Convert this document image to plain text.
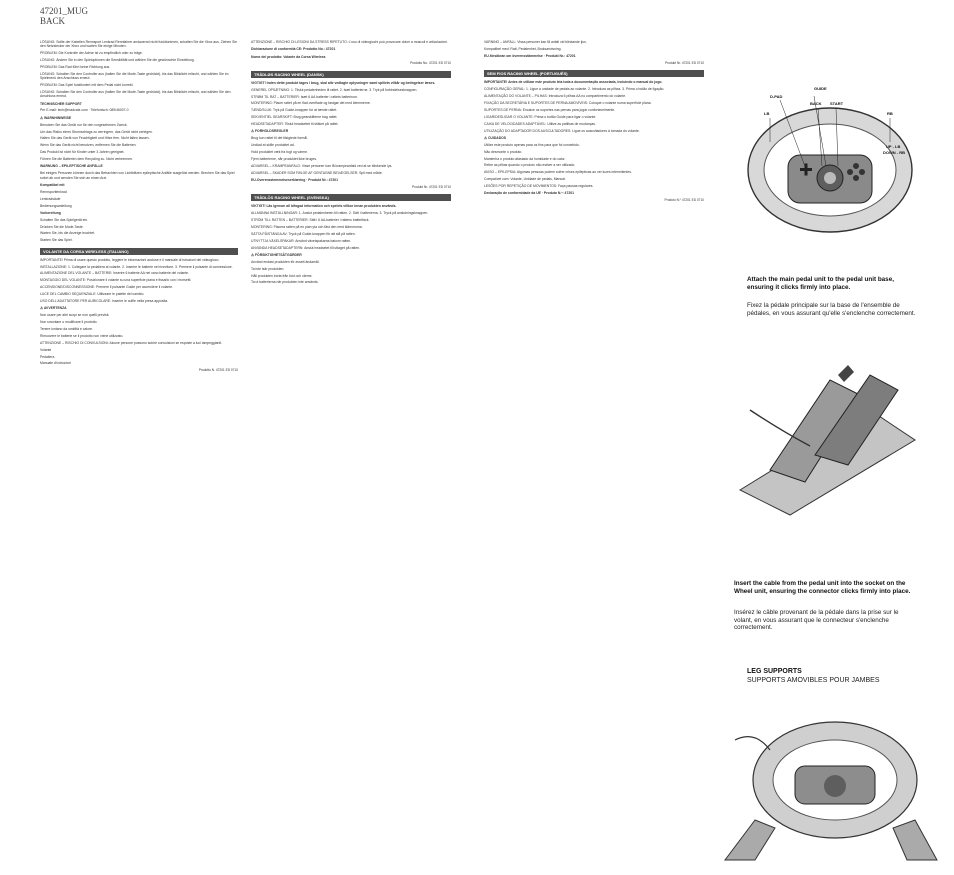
47201_MUG
BACK

LÖSUNG: Sollte der Kabellen Rennsport Lenkrad Rennfahrer andauernd nicht funktionieren, schalten Sie die Xbox aus. Ziehen Sie den Netzstecker der Xbox und warten Sie einige Minuten.

PROBLEM: Die Kontrolle der Achse ist zu empfindlich oder zu träge.

LÖSUNG: Ändern Sie in den Spieloptionen die Sensibilität und wählen Sie die gewünschte Einstellung.

PROBLEM: Das Rad führt keine Richtung aus.

LÖSUNG: Schalten Sie den Controller aus (halten Sie die Mode-Taste gedrückt), bis das Blinklicht erlischt, und wählen Sie im Spielmenü den Anschluss erneut.

PROBLEM: Das Spiel funktioniert mit dem Pedal nicht korrekt.

LÖSUNG: Schalten Sie den Controller aus (halten Sie die Mode-Taste gedrückt), bis das Blinklicht erlischt, und wählen Sie den Anschluss erneut.

TECHNISCHER SUPPORT

Per E-mail: tech@madcatz.com · Telefonisch: 089/46007-0

⚠ WARNHINWEISE

Benutzen Sie das Gerät nur für den vorgesehenen Zweck.

Um das Risiko eines Stromschlags zu verringern, das Gerät nicht zerlegen.

Halten Sie das Gerät von Feuchtigkeit und Hitze fern. Nicht fallen lassen.

Wenn Sie das Gerät nicht benutzen, entfernen Sie die Batterien.

Das Produkt ist nicht für Kinder unter 3 Jahren geeignet.

Führen Sie die Batterien dem Recycling zu. Nicht verbrennen.

WARNUNG – EPILEPTISCHE ANFÄLLE

Bei einigen Personen können durch das Betrachten von Lichtblitzen epileptische Anfälle ausgelöst werden. Brechen Sie das Spiel sofort ab und wenden Sie sich an einen Arzt.

Kompatibel mit

Rennsportlenkrad

Lenkradsäule

Bedienungsanleitung

Vorbereitung

Schalten Sie das Spielgerät ein.

Drücken Sie die Mode-Taste.

Warten Sie, bis die Anzeige leuchtet.

Starten Sie das Spiel.

VOLANTE DA CORSA WIRELESS (ITALIANO)

IMPORTANTE! Prima di usare questo prodotto, leggere le informazioni accluse e il manuale di istruzioni del videogioco.

INSTALLAZIONE: 1. Collegare la pedaliera al volante. 2. Inserire le batterie nel ricevitore. 3. Premere il pulsante di connessione.

ALIMENTAZIONE DEL VOLANTE – BATTERIE: Inserire 6 batterie AA nel vano batterie del volante.

MONTAGGIO DEL VOLANTE: Posizionare il volante su una superficie piana e fissarlo con i morsetti.

ACCENSIONE/DISCONNESSIONE: Premere il pulsante Guide per accendere il volante.

LUCE DEL CAMBIO SEQUENZIALE: Utilizzare le palette del cambio.

USO DELL'ADATTATORE PER AURICOLARE: Inserire le cuffie nella presa apposita.

⚠ AVVERTENZA

Non usare per altri scopi se non quelli previsti.

Non smontare o modificare il prodotto.

Tenere lontano da umidità e calore.

Rimuovere le batterie se il prodotto non viene utilizzato.

ATTENZIONE – RISCHIO DI CONVULSIONI: Alcune persone possono subire convulsioni se esposte a luci lampeggianti.

Volante

Pedaliera

Manuale di istruzioni

Prodotto N. 47201 ED 0710

ATTENZIONE – RISCHIO DI LESIONI DA STRESS RIPETUTO: L'uso di videogiochi può provocare dolori a muscoli e articolazioni.

Dichiarazione di conformità CE: Prodotto No.: 47201

Nome del prodotto: Volante da Corsa Wireless

Prodotto No. 47201 ED 0710
TRÅDLØS RACING WHEEL (DANSK)

VIGTIGT! Inden dette produkt tages i brug, skal alle vedlagte oplysninger samt spillets vilkår og betingelser læses.

GENEREL OPSÆTNING: 1. Tilslut pedalenheden til rattet. 2. Isæt batterierne. 3. Tryk på forbindelsesknappen.

STRØM TIL RAT – BATTERIER: Isæt 6 AA batterier i rattets batterirum.

MONTERING: Placer rattet på en flad overflade og fastgør det med klemmerne.

TÆND/SLUK: Tryk på Guide-knappen for at tænde rattet.

SEKVENTIEL GEARSKIFT: Brug gearskifterne bag rattet.

HEADSETADAPTER: Tilslut headsettet til stikket på rattet.

⚠ FORHOLDSREGLER

Brug kun rattet til det tilsigtede formål.

Undlad at skille produktet ad.

Hold produktet væk fra fugt og varme.

Fjern batterierne, når produktet ikke bruges.

ADVARSEL – KRAMPEANFALD: Visse personer kan få krampeanfald ved at se blinkende lys.

ADVARSEL – SKADER SOM FØLGE AF GENTAGNE BEVÆGELSER: Spil med måde.

EU-Overensstemmelseserklæring · Produkt Nr.: 47201

Produkt Nr. 47201 ED 0710
TRÅDLÖS RACING WHEEL (SVENSKA)

VIKTIGT! Läs igenom all bifogad information och spelets villkor innan produkten används.

ALLMÄNNA INSTÄLLNINGAR: 1. Anslut pedalenheten till ratten. 2. Sätt i batterierna. 3. Tryck på anslutningsknappen.

STRÖM TILL RATTEN – BATTERIER: Sätt i 6 AA-batterier i rattens batterifack.

MONTERING: Placera ratten på en plan yta och fäst den med klämmorna.

SÄTTA PÅ/STÄNGA AV: Tryck på Guide-knappen för att slå på ratten.

UTNYTTJA VÄXELSPAKAR: Använd växelspakarna bakom ratten.

ANVÄNDA HEADSETADAPTERN: Anslut headsetet till uttaget på ratten.

⚠ FÖRSIKTIGHETSÅTGÄRDER

Använd endast produkten för avsett ändamål.

Ta inte isär produkten.

Håll produkten borta från fukt och värme.

Ta ut batterierna när produkten inte används.

VARNING – ANFALL: Vissa personer kan få anfall vid blinkande ljus.

Kompatibel med: Ratt, Pedalenhet, Bruksanvisning.

EU-försäkran om överensstämmelse · Produkt Nr.: 47201

Produkt Nr. 47201 ED 0710
SEM FIOS RACING WHEEL (PORTUGUÊS)

IMPORTANTE! Antes de utilizar este produto leia toda a documentação associada, incluindo o manual do jogo.

CONFIGURAÇÃO GERAL: 1. Ligue a unidade de pedais ao volante. 2. Introduza as pilhas. 3. Prima o botão de ligação.

ALIMENTAÇÃO DO VOLANTE – PILHAS: Introduza 6 pilhas AA no compartimento do volante.

FIXAÇÃO DA SECRETÁRIA E SUPORTES DE PERNA AMOVÍVEIS: Coloque o volante numa superfície plana.

SUPORTES DE PERNA: Encaixe os suportes nas pernas para jogar confortavelmente.

LIGAR/DESLIGAR O VOLANTE: Prima o botão Guide para ligar o volante.

CAIXA DE VELOCIDADES ADAPTÁVEL: Utilize as patilhas de mudanças.

UTILIZAÇÃO DO ADAPTADOR DOS AUSCULTADORES: Ligue os auscultadores à tomada do volante.

⚠ CUIDADOS

Utilize este produto apenas para os fins para que foi concebido.

Não desmonte o produto.

Mantenha o produto afastado da humidade e do calor.

Retire as pilhas quando o produto não estiver a ser utilizado.

AVISO – EPILEPSIA: Algumas pessoas podem sofrer crises epilépticas ao ver luzes intermitentes.

Compatível com: Volante, Unidade de pedais, Manual.

LESÕES POR REPETIÇÃO DE MOVIMENTOS: Faça pausas regulares.

Declaração de conformidade da UE · Produto N.º: 47201

Produto N.º 47201 ED 0710
LB
D-PAD
GUIDE
BACK START
RB
UP - LB
DOWN - RB
Attach the main pedal unit to the pedal unit base, ensuring it clicks firmly into place.
Fixez la pédale principale sur la base de l'ensemble de pédales, en vous assurant qu'elle s'enclenche correctement.
Insert the cable from the pedal unit into the socket on the Wheel unit, ensuring the connector clicks firmly into place.
Insérez le câble provenant de la pédale dans la prise sur le volant, en vous assurant que le connecteur s'enclenche correctement.
LEG SUPPORTS
SUPPORTS AMOVIBLES POUR JAMBES
